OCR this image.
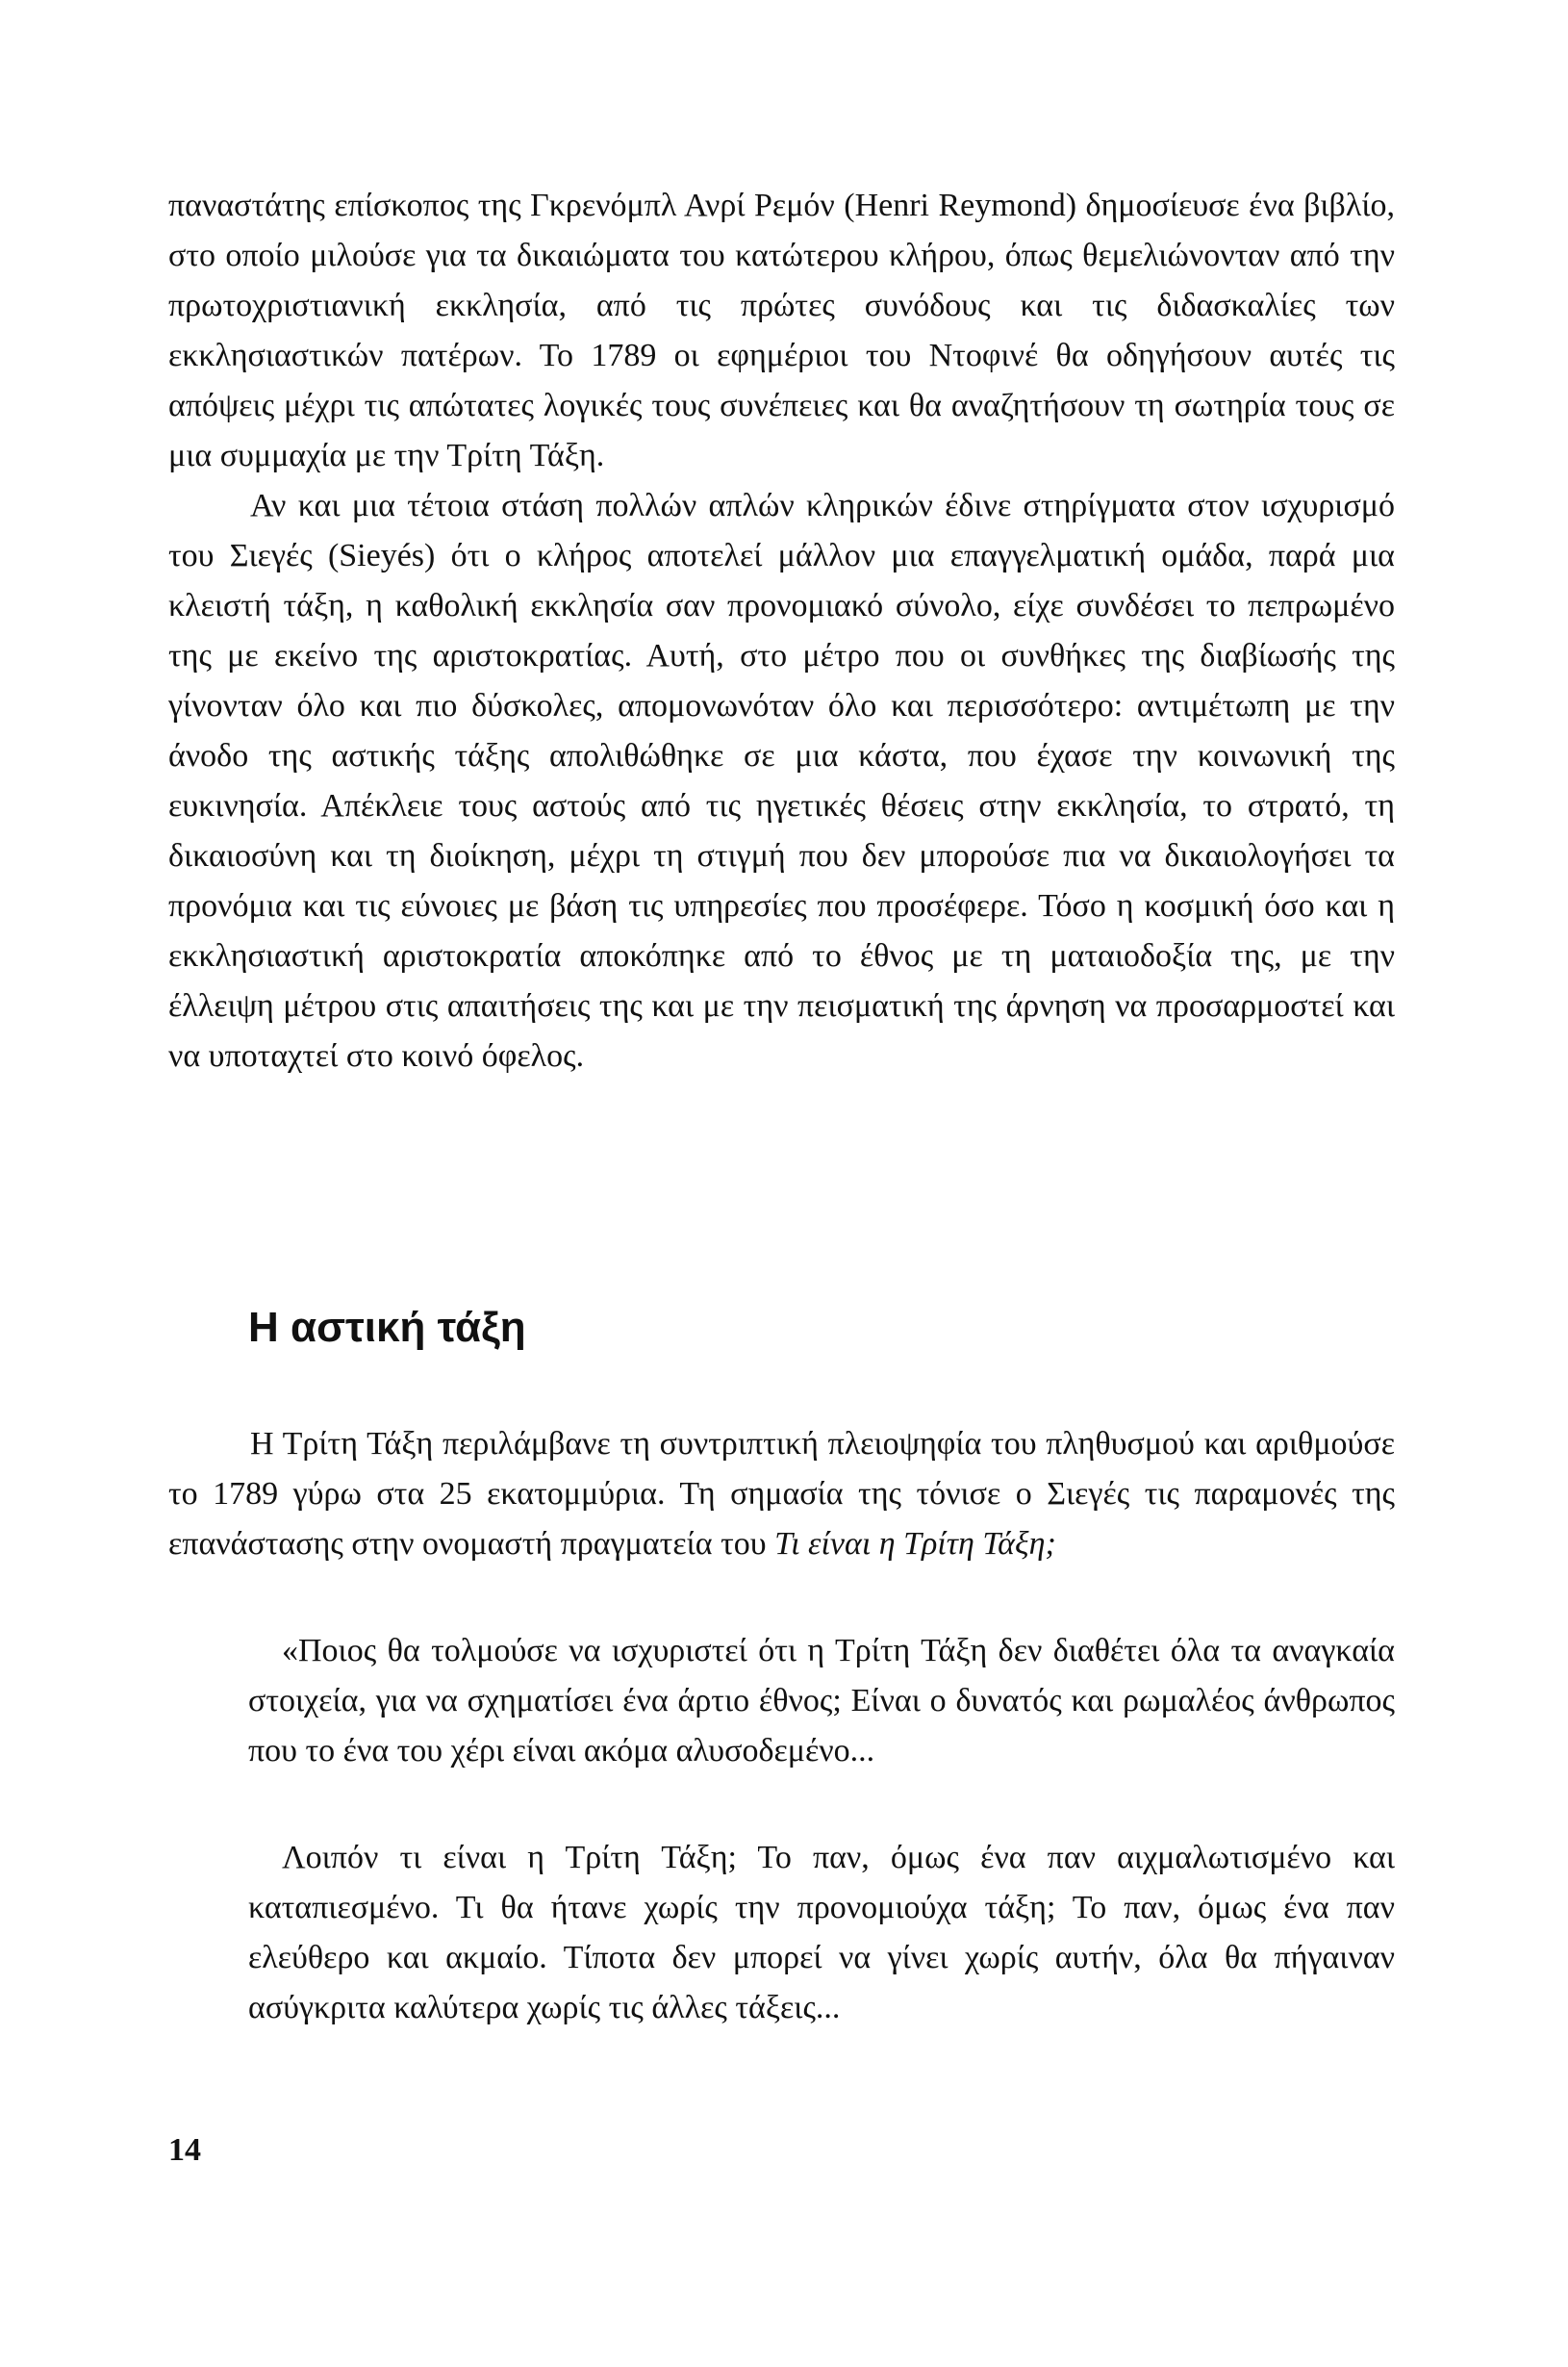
παναστάτης επίσκοπος της Γκρενόμπλ Ανρί Ρεμόν (Henri Reymond) δημοσίευσε ένα βιβλίο, στο οποίο μιλούσε για τα δικαιώματα του κατώτερου κλήρου, όπως θεμελιώνονταν από την πρωτοχριστιανική εκκλησία, από τις πρώτες συνόδους και τις διδασκαλίες των εκκλησιαστικών πατέρων. Το 1789 οι εφημέριοι του Ντοφινέ θα οδηγήσουν αυτές τις απόψεις μέχρι τις απώτατες λογικές τους συνέπειες και θα αναζητήσουν τη σωτηρία τους σε μια συμμαχία με την Τρίτη Τάξη.

Αν και μια τέτοια στάση πολλών απλών κληρικών έδινε στηρίγματα στον ισχυρισμό του Σιεγές (Sieyés) ότι ο κλήρος αποτελεί μάλλον μια επαγγελματική ομάδα, παρά μια κλειστή τάξη, η καθολική εκκλησία σαν προνομιακό σύνολο, είχε συνδέσει το πεπρωμένο της με εκείνο της αριστοκρατίας. Αυτή, στο μέτρο που οι συνθήκες της διαβίωσής της γίνονταν όλο και πιο δύσκολες, απομονωνόταν όλο και περισσότερο: αντιμέτωπη με την άνοδο της αστικής τάξης απολιθώθηκε σε μια κάστα, που έχασε την κοινωνική της ευκινησία. Απέκλειε τους αστούς από τις ηγετικές θέσεις στην εκκλησία, το στρατό, τη δικαιοσύνη και τη διοίκηση, μέχρι τη στιγμή που δεν μπορούσε πια να δικαιολογήσει τα προνόμια και τις εύνοιες με βάση τις υπηρεσίες που προσέφερε. Τόσο η κοσμική όσο και η εκκλησιαστική αριστοκρατία αποκόπηκε από το έθνος με τη ματαιοδοξία της, με την έλλειψη μέτρου στις απαιτήσεις της και με την πεισματική της άρνηση να προσαρμοστεί και να υποταχτεί στο κοινό όφελος.

Η αστική τάξη

Η Τρίτη Τάξη περιλάμβανε τη συντριπτική πλειοψηφία του πληθυσμού και αριθμούσε το 1789 γύρω στα 25 εκατομμύρια. Τη σημασία της τόνισε ο Σιεγές τις παραμονές της επανάστασης στην ονομαστή πραγματεία του Τι είναι η Τρίτη Τάξη;

«Ποιος θα τολμούσε να ισχυριστεί ότι η Τρίτη Τάξη δεν διαθέτει όλα τα αναγκαία στοιχεία, για να σχηματίσει ένα άρτιο έθνος; Είναι ο δυνατός και ρωμαλέος άνθρωπος που το ένα του χέρι είναι ακόμα αλυσοδεμένο...

Λοιπόν τι είναι η Τρίτη Τάξη; Το παν, όμως ένα παν αιχμαλωτισμένο και καταπιεσμένο. Τι θα ήτανε χωρίς την προνομιούχα τάξη; Το παν, όμως ένα παν ελεύθερο και ακμαίο. Τίποτα δεν μπορεί να γίνει χωρίς αυτήν, όλα θα πήγαιναν ασύγκριτα καλύτερα χωρίς τις άλλες τάξεις...

14
